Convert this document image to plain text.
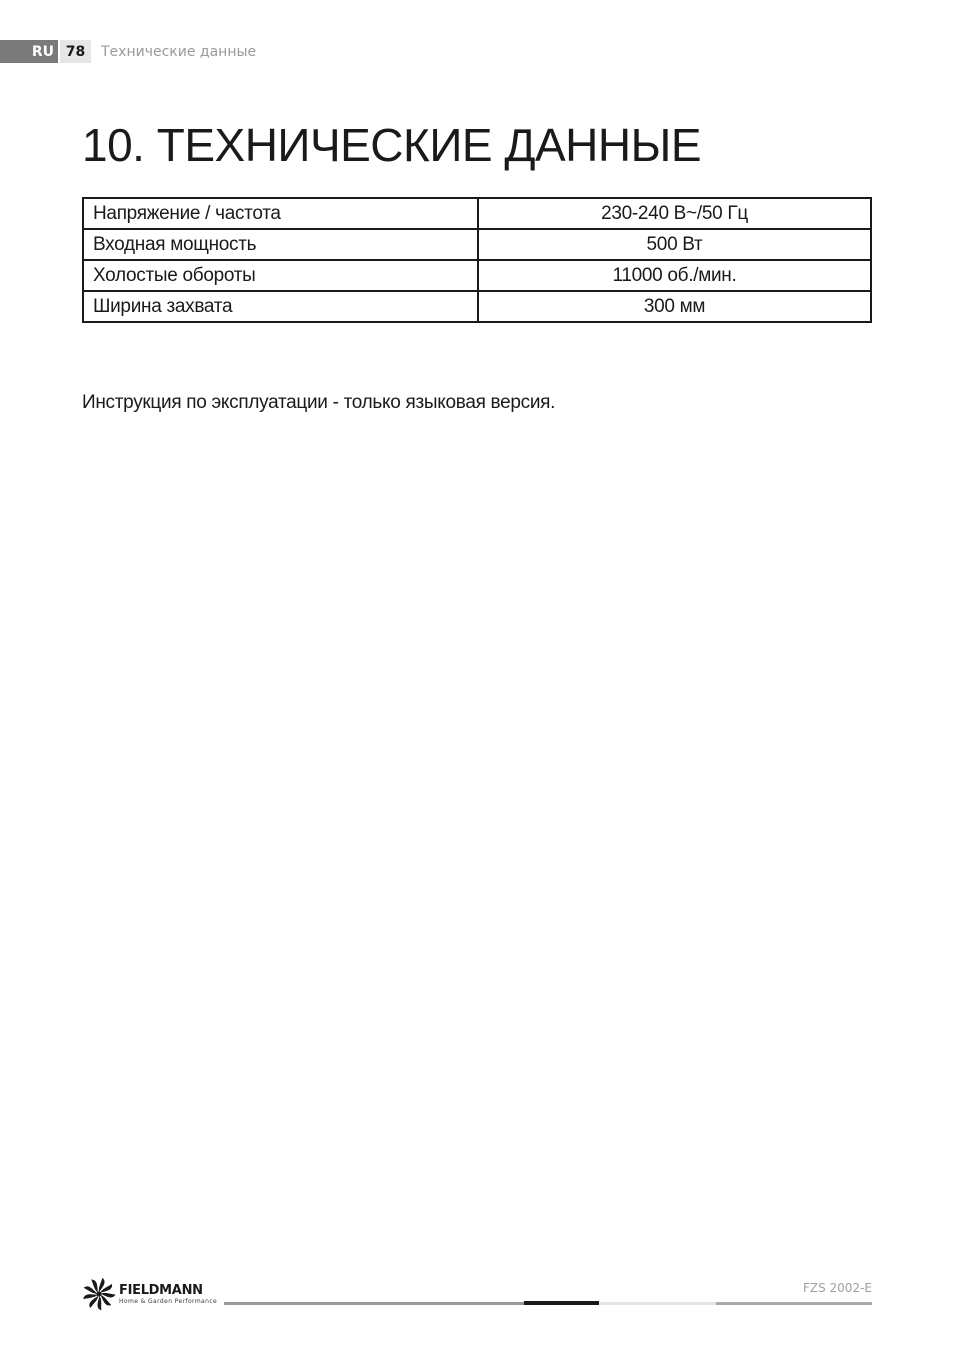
RU 78	Технические данные
10. ТЕХНИЧЕСКИЕ ДАННЫЕ
Напряжение / частота	230-240 В~/50 Гц
Входная мощность	500 Вт
Холостые обороты	11000 об./мин.
Ширина захвата	300 мм

Инструкция по эксплуатации - только языковая версия.

FIELDMANN
Home & Garden Performance
FZS 2002-E
